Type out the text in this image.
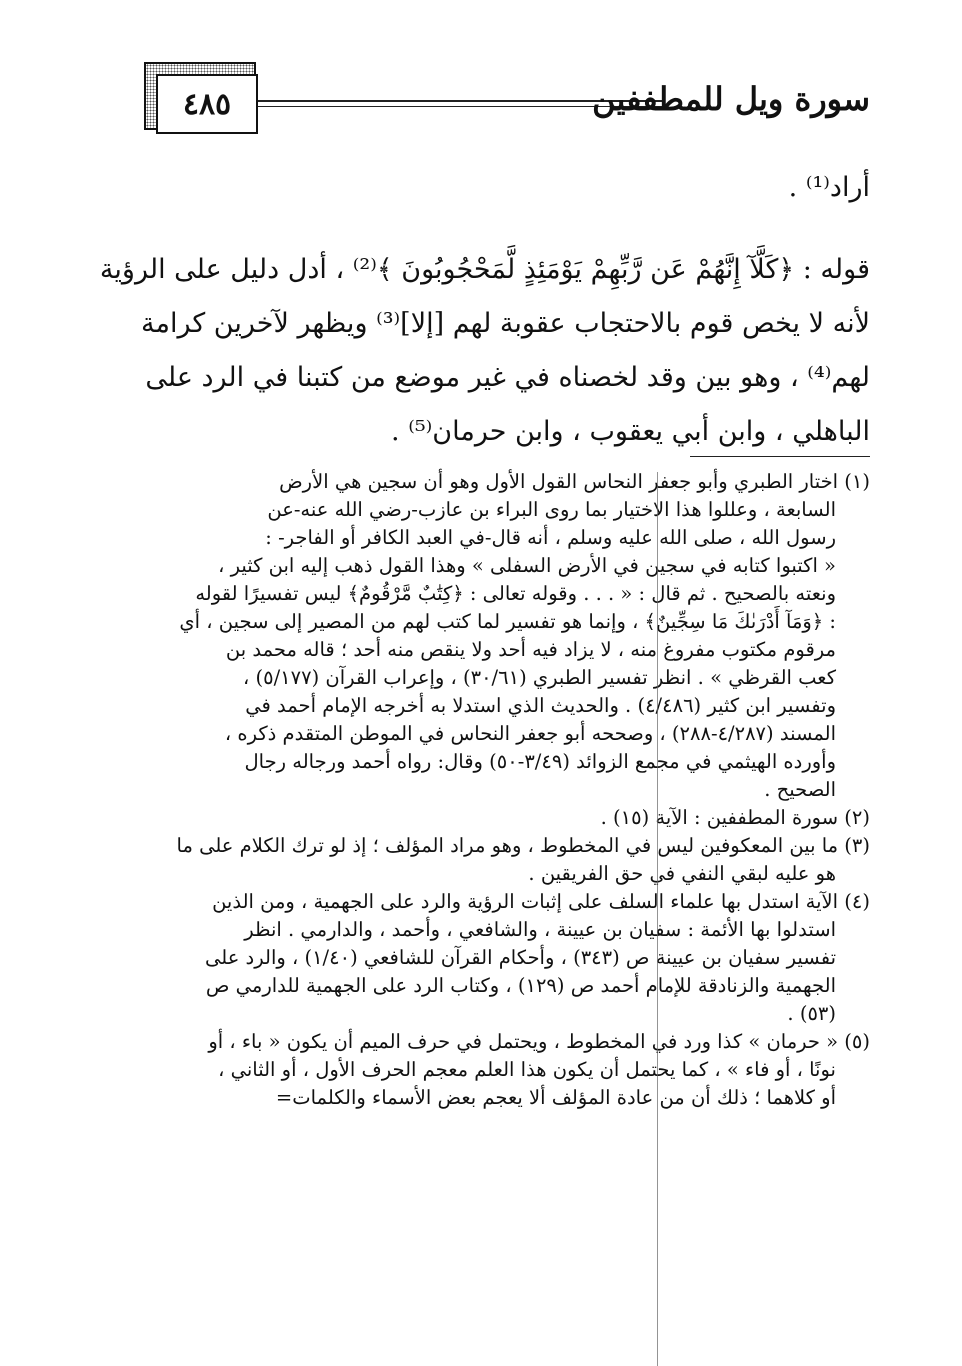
٤٨٥	سورة ويل للمطففين

أراد⁽¹⁾ .

قوله : ﴿كَلَّآ إِنَّهُمْ عَن رَّبِّهِمْ يَوْمَئِذٍ لَّمَحْجُوبُونَ ﴾⁽²⁾ ، أدل دليل على الرؤية

لأنه لا يخص قوم بالاحتجاب عقوبة لهم [إلا]⁽³⁾ ويظهر لآخرين كرامة

لهم⁽⁴⁾ ، وهو بين وقد لخصناه في غير موضع من كتبنا في الرد على

الباهلي ، وابن أبي يعقوب ، وابن حرمان⁽⁵⁾ .

(١) اختار الطبري وأبو جعفر النحاس القول الأول وهو أن سجين هي الأرض
السابعة ، وعللوا هذا الاختيار بما روى البراء بن عازب-رضي الله عنه-عن
رسول الله ، صلى الله عليه وسلم ، أنه قال-في العبد الكافر أو الفاجر- :
« اكتبوا كتابه في سجين في الأرض السفلى » وهذا القول ذهب إليه ابن كثير ،
ونعته بالصحيح . ثم قال : « . . . وقوله تعالى : ﴿كِتَٰبٌ مَّرْقُومٌ﴾ ليس تفسيرًا لقوله
: ﴿وَمَآ أَدْرَىٰكَ مَا سِجِّينٌ﴾ ، وإنما هو تفسير لما كتب لهم من المصير إلى سجين ، أي
مرقوم مكتوب مفروغ منه ، لا يزاد فيه أحد ولا ينقص منه أحد ؛ قاله محمد بن
كعب القرظي » . انظر تفسير الطبري (٣٠/٦١) ، وإعراب القرآن (٥/١٧٧) ،
وتفسير ابن كثير (٤/٤٨٦) . والحديث الذي استدلا به أخرجه الإمام أحمد في
المسند (٤/٢٨٧-٢٨٨) ، وصححه أبو جعفر النحاس في الموطن المتقدم ذكره ،
وأورده الهيثمي في مجمع الزوائد (٣/٤٩-٥٠) وقال: رواه أحمد ورجاله رجال
الصحيح .
(٢) سورة المطففين : الآية (١٥) .
(٣) ما بين المعكوفين ليس في المخطوط ، وهو مراد المؤلف ؛ إذ لو ترك الكلام على ما
هو عليه لبقي النفي في حق الفريقين .
(٤) الآية استدل بها علماء السلف على إثبات الرؤية والرد على الجهمية ، ومن الذين
استدلوا بها الأئمة : سفيان بن عيينة ، والشافعي ، وأحمد ، والدارمي . انظر
تفسير سفيان بن عيينة ص (٣٤٣) ، وأحكام القرآن للشافعي (١/٤٠) ، والرد على
الجهمية والزنادقة للإمام أحمد ص (١٢٩) ، وكتاب الرد على الجهمية للدارمي ص
(٥٣) .
(٥) « حرمان » كذا ورد في المخطوط ، ويحتمل في حرف الميم أن يكون « باء ، أو
نونًا ، أو فاء » ، كما يحتمل أن يكون هذا العلم معجم الحرف الأول ، أو الثاني ،
أو كلاهما ؛ ذلك أن من عادة المؤلف ألا يعجم بعض الأسماء والكلمات=
